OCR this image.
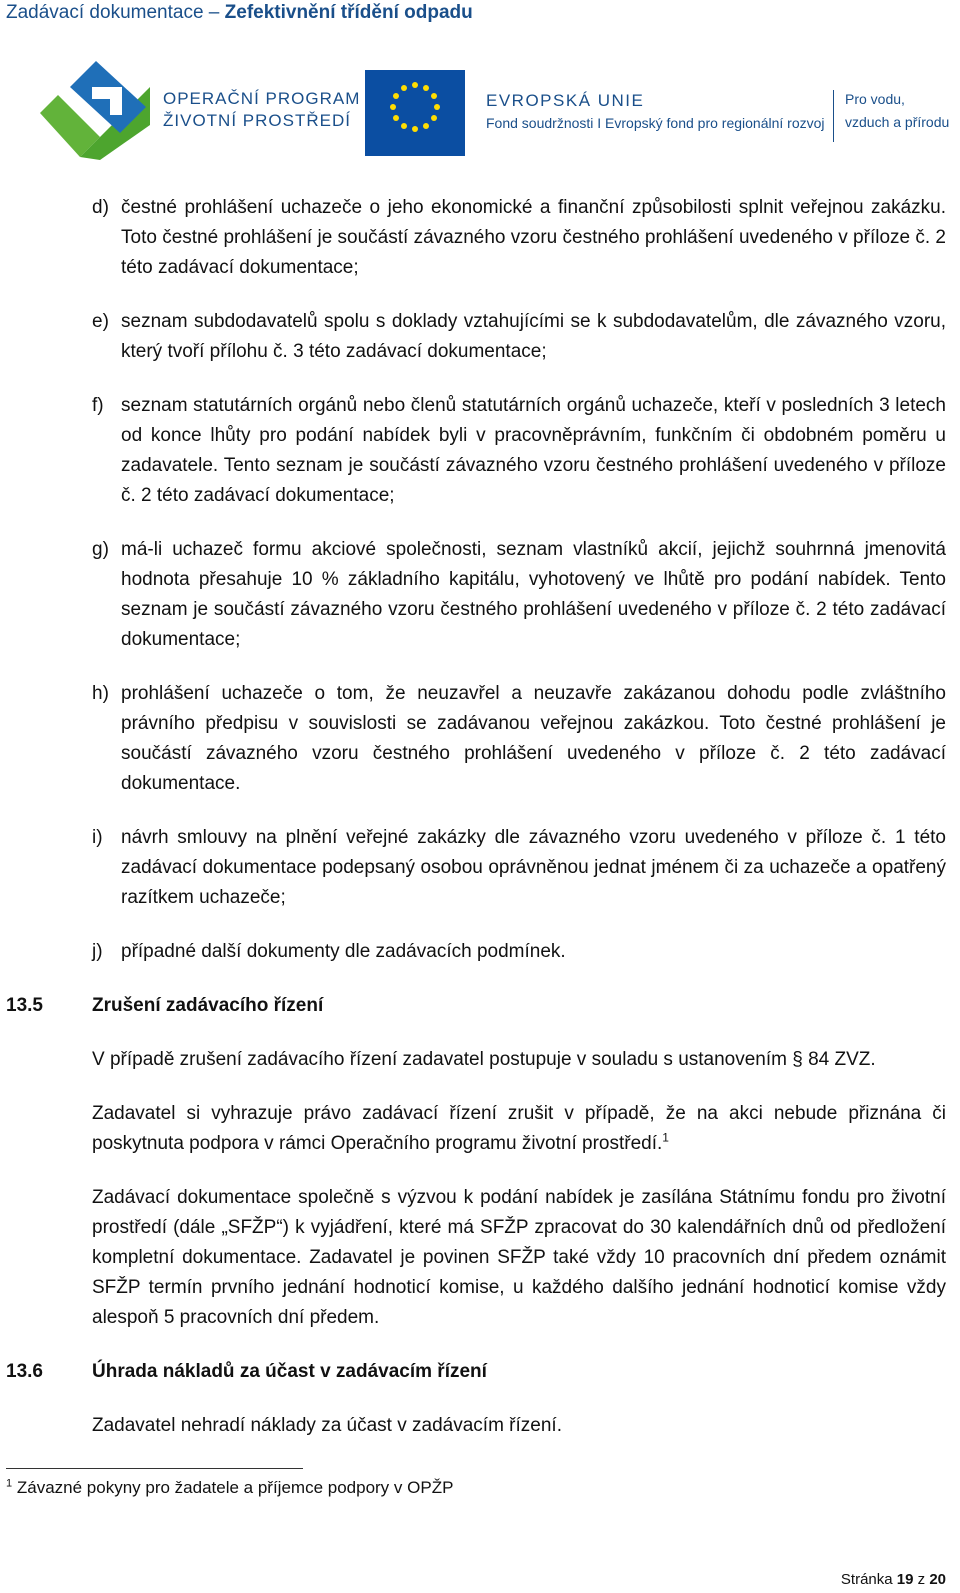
Zadávací dokumentace – Zefektivnění třídění odpadu
OPERAČNÍ PROGRAM
ŽIVOTNÍ PROSTŘEDÍ
EVROPSKÁ UNIE
Fond soudržnosti I Evropský fond pro regionální rozvoj
Pro vodu,
vzduch a přírodu
d) čestné prohlášení uchazeče o jeho ekonomické a finanční způsobilosti splnit veřejnou zakázku. Toto čestné prohlášení je součástí závazného vzoru čestného prohlášení uvedeného v příloze č. 2 této zadávací dokumentace;
e) seznam subdodavatelů spolu s doklady vztahujícími se k subdodavatelům, dle závazného vzoru, který tvoří přílohu č. 3 této zadávací dokumentace;
f) seznam statutárních orgánů nebo členů statutárních orgánů uchazeče, kteří v posledních 3 letech od konce lhůty pro podání nabídek byli v pracovněprávním, funkčním či obdobném poměru u zadavatele. Tento seznam je součástí závazného vzoru čestného prohlášení uvedeného v příloze č. 2 této zadávací dokumentace;
g) má-li uchazeč formu akciové společnosti, seznam vlastníků akcií, jejichž souhrnná jmenovitá hodnota přesahuje 10 % základního kapitálu, vyhotovený ve lhůtě pro podání nabídek. Tento seznam je součástí závazného vzoru čestného prohlášení uvedeného v příloze č. 2 této zadávací dokumentace;
h) prohlášení uchazeče o tom, že neuzavřel a neuzavře zakázanou dohodu podle zvláštního právního předpisu v souvislosti se zadávanou veřejnou zakázkou. Toto čestné prohlášení je součástí závazného vzoru čestného prohlášení uvedeného v příloze č. 2 této zadávací dokumentace.
i) návrh smlouvy na plnění veřejné zakázky dle závazného vzoru uvedeného v příloze č. 1 této zadávací dokumentace podepsaný osobou oprávněnou jednat jménem či za uchazeče a opatřený razítkem uchazeče;
j) případné další dokumenty dle zadávacích podmínek.
13.5	Zrušení zadávacího řízení
V případě zrušení zadávacího řízení zadavatel postupuje v souladu s ustanovením § 84 ZVZ.
Zadavatel si vyhrazuje právo zadávací řízení zrušit v případě, že na akci nebude přiznána či poskytnuta podpora v rámci Operačního programu životní prostředí.$^1$
Zadávací dokumentace společně s výzvou k podání nabídek je zasílána Státnímu fondu pro životní prostředí (dále „SFŽP“) k vyjádření, které má SFŽP zpracovat do 30 kalendářních dnů od předložení kompletní dokumentace. Zadavatel je povinen SFŽP také vždy 10 pracovních dní předem oznámit SFŽP termín prvního jednání hodnoticí komise, u každého dalšího jednání hodnoticí komise vždy alespoň 5 pracovních dní předem.
13.6	Úhrada nákladů za účast v zadávacím řízení
Zadavatel nehradí náklady za účast v zadávacím řízení.
$^1$ Závazné pokyny pro žadatele a příjemce podpory v OPŽP
Stránka 19 z 20
